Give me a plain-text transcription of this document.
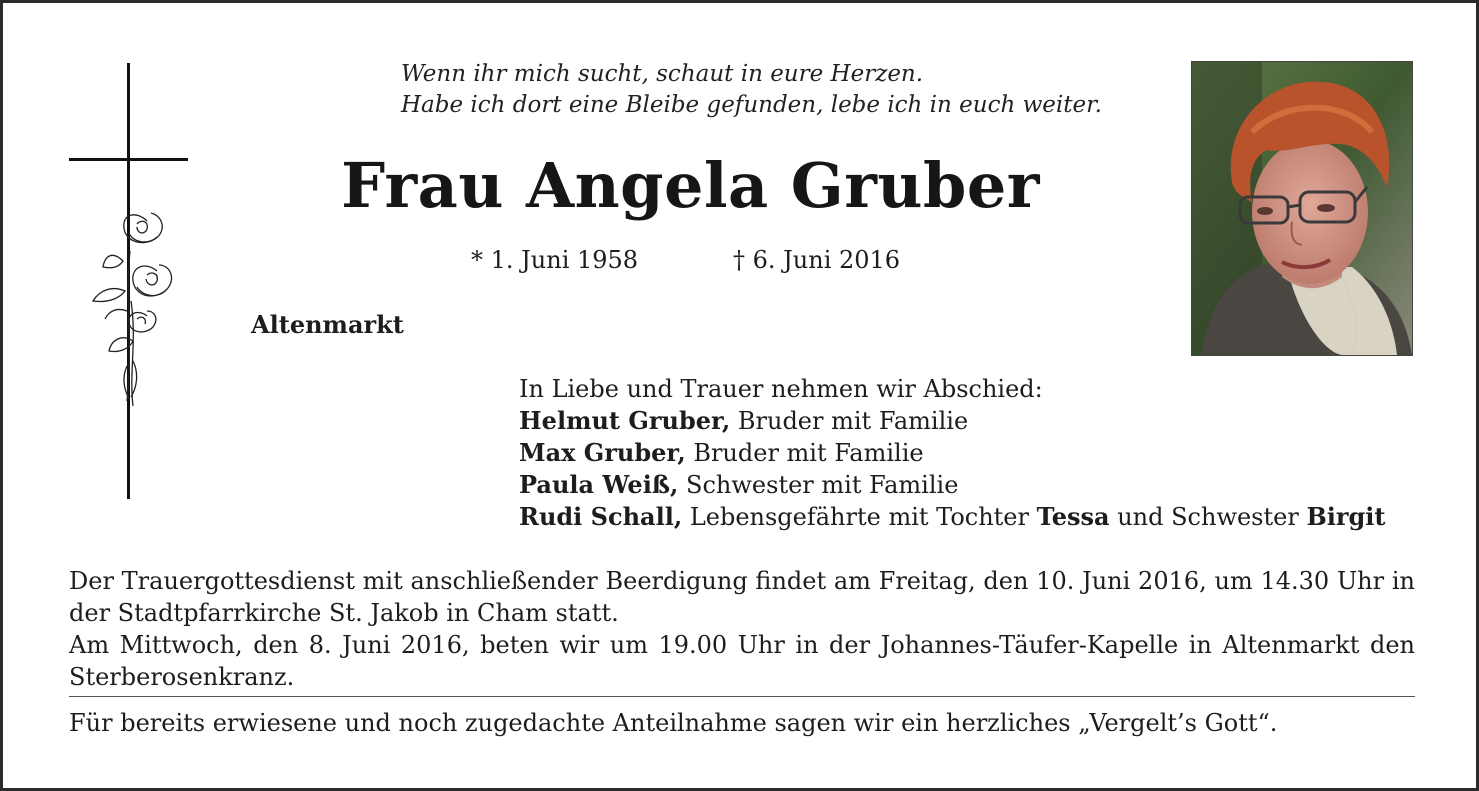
Wenn ihr mich sucht, schaut in eure Herzen.
Habe ich dort eine Bleibe gefunden, lebe ich in euch weiter.
Frau Angela Gruber
* 1. Juni 1958	† 6. Juni 2016
Altenmarkt
In Liebe und Trauer nehmen wir Abschied:
Helmut Gruber, Bruder mit Familie
Max Gruber, Bruder mit Familie
Paula Weiß, Schwester mit Familie
Rudi Schall, Lebensgefährte mit Tochter Tessa und Schwester Birgit

Der Trauergottesdienst mit anschließender Beerdigung findet am Freitag, den 10. Juni 2016, um 14.30 Uhr in der Stadtpfarrkirche St. Jakob in Cham statt.

Am Mittwoch, den 8. Juni 2016, beten wir um 19.00 Uhr in der Johannes-Täufer-Kapelle in Altenmarkt den Sterberosenkranz.

Für bereits erwiesene und noch zugedachte Anteilnahme sagen wir ein herzliches „Vergelt’s Gott“.
